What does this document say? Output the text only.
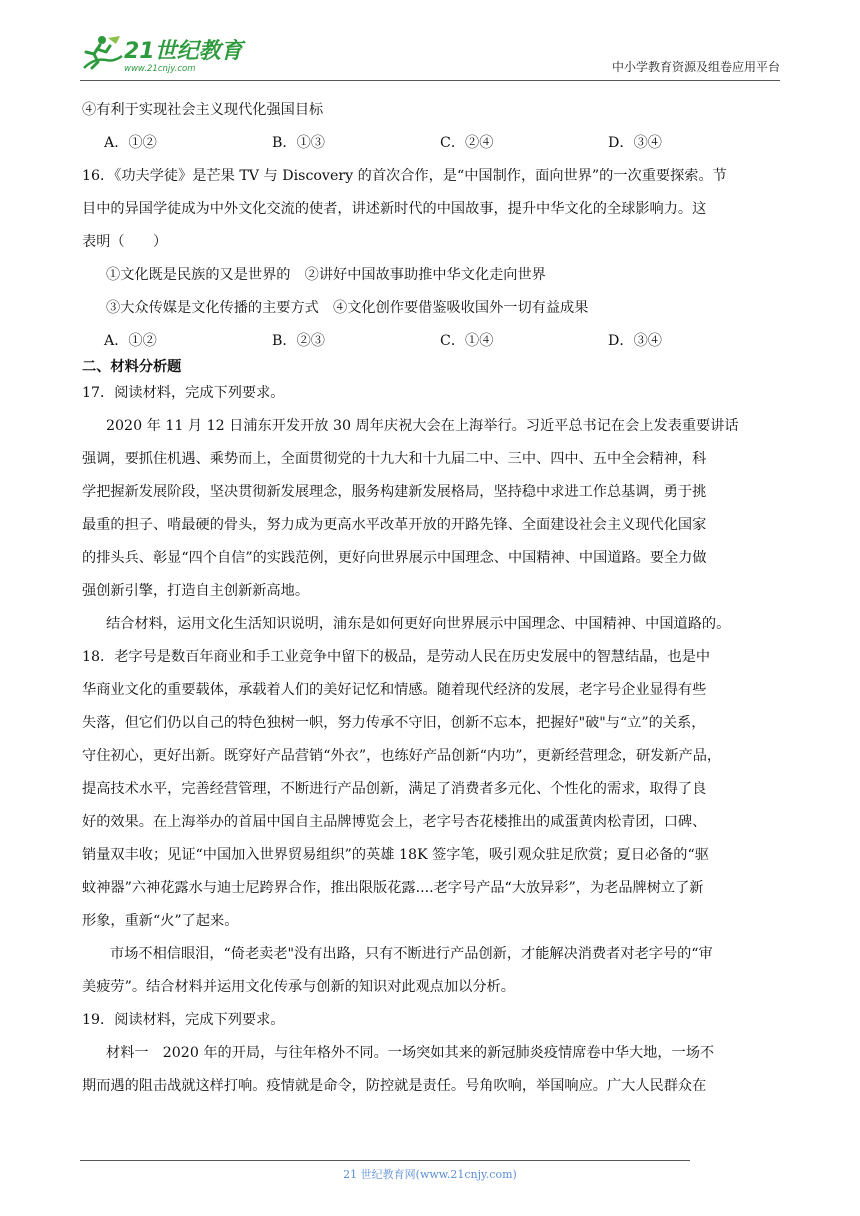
21世纪教育
www.21cnjy.com	中小学教育资源及组卷应用平台
④有利于实现社会主义现代化强国目标
A．①②	B．①③	C．②④	D．③④
16．《功夫学徒》是芒果 TV 与 Discovery 的首次合作，是“中国制作，面向世界”的一次重要探索。节
目中的异国学徒成为中外文化交流的使者，讲述新时代的中国故事，提升中华文化的全球影响力。这
表明（　　）
①文化既是民族的又是世界的　②讲好中国故事助推中华文化走向世界
③大众传媒是文化传播的主要方式　④文化创作要借鉴吸收国外一切有益成果
A．①②	B．②③	C．①④	D．③④
二、材料分析题
17．阅读材料，完成下列要求。
2020 年 11 月 12 日浦东开发开放 30 周年庆祝大会在上海举行。习近平总书记在会上发表重要讲话
强调，要抓住机遇、乘势而上，全面贯彻党的十九大和十九届二中、三中、四中、五中全会精神，科
学把握新发展阶段，坚决贯彻新发展理念，服务构建新发展格局，坚持稳中求进工作总基调，勇于挑
最重的担子、啃最硬的骨头，努力成为更高水平改革开放的开路先锋、全面建设社会主义现代化国家
的排头兵、彰显“四个自信”的实践范例，更好向世界展示中国理念、中国精神、中国道路。要全力做
强创新引擎，打造自主创新新高地。
结合材料，运用文化生活知识说明，浦东是如何更好向世界展示中国理念、中国精神、中国道路的。
18．老字号是数百年商业和手工业竞争中留下的极品，是劳动人民在历史发展中的智慧结晶，也是中
华商业文化的重要载体，承载着人们的美好记忆和情感。随着现代经济的发展，老字号企业显得有些
失落，但它们仍以自己的特色独树一帜，努力传承不守旧，创新不忘本，把握好"破"与“立”的关系，
守住初心，更好出新。既穿好产品营销“外衣”，也练好产品创新“内功”，更新经营理念，研发新产品，
提高技术水平，完善经营管理，不断进行产品创新，满足了消费者多元化、个性化的需求，取得了良
好的效果。在上海举办的首届中国自主品牌博览会上，老字号杏花楼推出的咸蛋黄肉松青团，口碑、
销量双丰收；见证“中国加入世界贸易组织”的英雄 18K 签字笔，吸引观众驻足欣赏；夏日必备的“驱
蚊神器”六神花露水与迪士尼跨界合作，推出限版花露....老字号产品“大放异彩”，为老品牌树立了新
形象，重新“火”了起来。
市场不相信眼泪，“倚老卖老"没有出路，只有不断进行产品创新，才能解决消费者对老字号的“审
美疲劳”。结合材料并运用文化传承与创新的知识对此观点加以分析。
19．阅读材料，完成下列要求。
材料一　2020 年的开局，与往年格外不同。一场突如其来的新冠肺炎疫情席卷中华大地，一场不
期而遇的阻击战就这样打响。疫情就是命令，防控就是责任。号角吹响，举国响应。广大人民群众在
21 世纪教育网(www.21cnjy.com)
